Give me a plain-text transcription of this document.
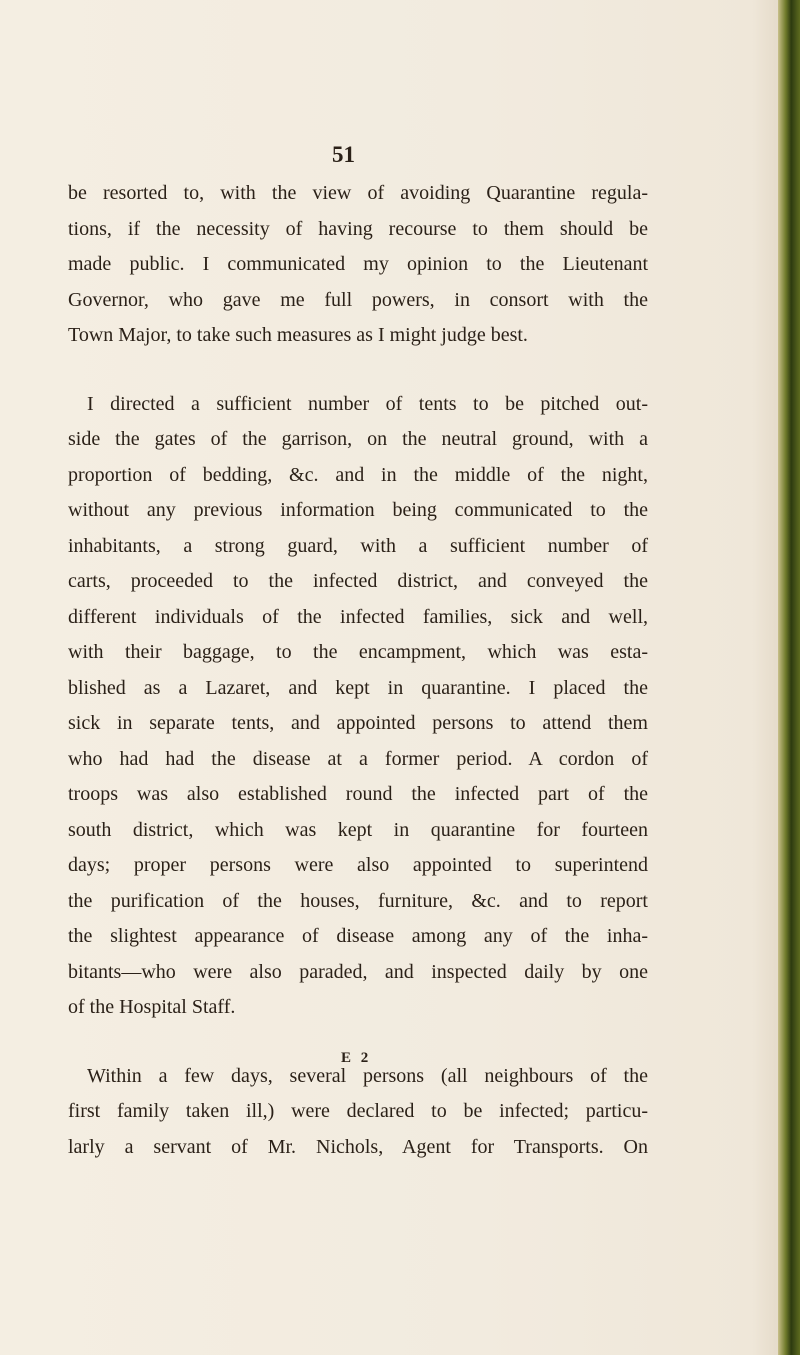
51
be resorted to, with the view of avoiding Quarantine regula-
tions, if the necessity of having recourse to them should be
made public. I communicated my opinion to the Lieutenant
Governor, who gave me full powers, in consort with the
Town Major, to take such measures as I might judge best.
I directed a sufficient number of tents to be pitched out-
side the gates of the garrison, on the neutral ground, with a
proportion of bedding, &c. and in the middle of the night,
without any previous information being communicated to the
inhabitants, a strong guard, with a sufficient number of
carts, proceeded to the infected district, and conveyed the
different individuals of the infected families, sick and well,
with their baggage, to the encampment, which was esta-
blished as a Lazaret, and kept in quarantine. I placed the
sick in separate tents, and appointed persons to attend them
who had had the disease at a former period. A cordon of
troops was also established round the infected part of the
south district, which was kept in quarantine for fourteen
days; proper persons were also appointed to superintend
the purification of the houses, furniture, &c. and to report
the slightest appearance of disease among any of the inha-
bitants—who were also paraded, and inspected daily by one
of the Hospital Staff.
Within a few days, several persons (all neighbours of the
first family taken ill,) were declared to be infected; particu-
larly a servant of Mr. Nichols, Agent for Transports. On
E 2
